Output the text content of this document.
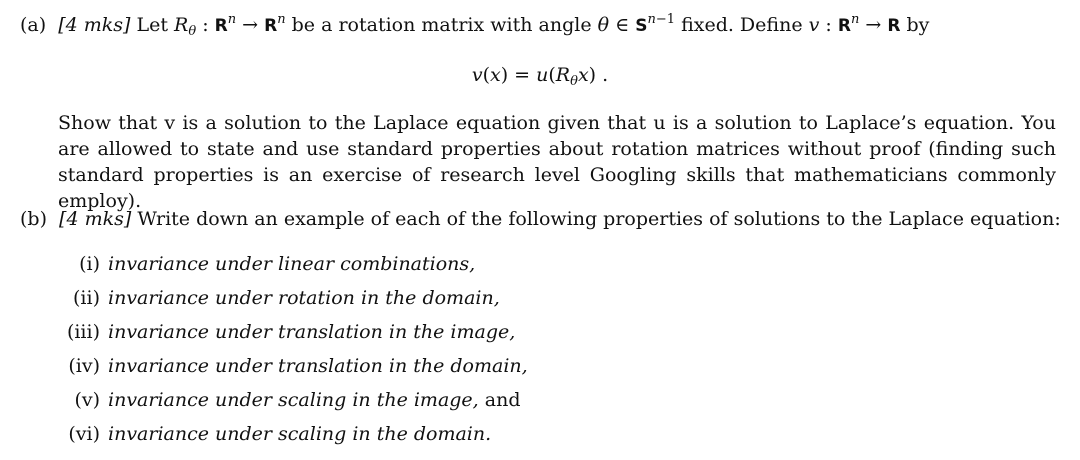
(a) [4 mks] Let $R_\theta$ : $R^n \to R^n$ be a rotation matrix with angle θ ∈ $S^{n-1}$ fixed. Define v : $R^n \to R$ by
$v(x) = u(R_\theta x)$ .
Show that v is a solution to the Laplace equation given that u is a solution to Laplace’s equation. You are allowed to state and use standard properties about rotation matrices without proof (finding such standard properties is an exercise of research level Googling skills that mathematicians commonly employ).
(b) [4 mks] Write down an example of each of the following properties of solutions to the Laplace equation:
(i) invariance under linear combinations,
(ii) invariance under rotation in the domain,
(iii) invariance under translation in the image,
(iv) invariance under translation in the domain,
(v) invariance under scaling in the image, and
(vi) invariance under scaling in the domain.
